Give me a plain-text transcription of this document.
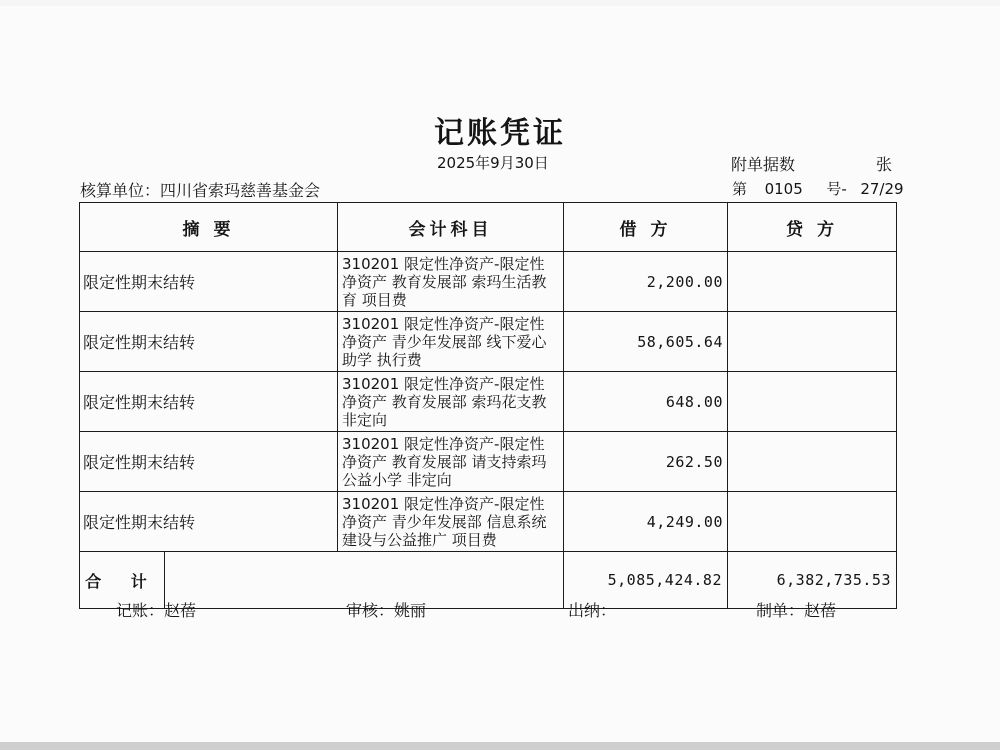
记账凭证
2025年9月30日	附单据数	张
核算单位：四川省索玛慈善基金会	第 0105 号- 27/29
摘 要	会计科目	借 方	贷 方
限定性期末结转	310201 限定性净资产-限定性净资产 教育发展部 索玛生活教育 项目费	2,200.00	
限定性期末结转	310201 限定性净资产-限定性净资产 青少年发展部 线下爱心助学 执行费	58,605.64	
限定性期末结转	310201 限定性净资产-限定性净资产 教育发展部 索玛花支教 非定向	648.00	
限定性期末结转	310201 限定性净资产-限定性净资产 教育发展部 请支持索玛公益小学 非定向	262.50	
限定性期末结转	310201 限定性净资产-限定性净资产 青少年发展部 信息系统建设与公益推广 项目费	4,249.00	

合 计		5,085,424.82	6,382,735.53
记账：赵蓓	审核：姚丽	出纳：	制单：赵蓓
